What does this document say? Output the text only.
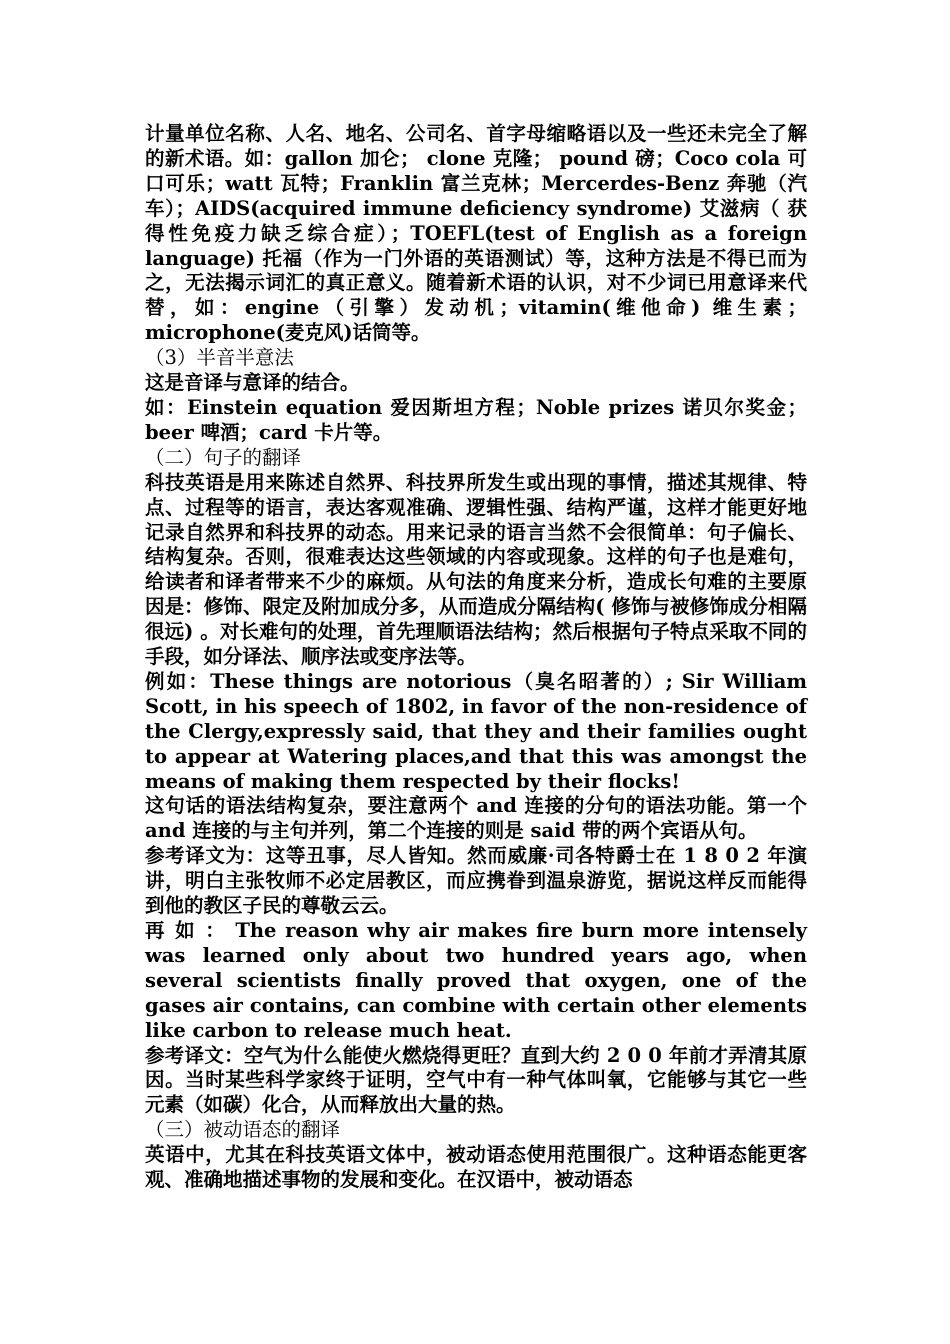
计量单位名称、人名、地名、公司名、首字母缩略语以及一些还未完全了解的新术语。如：gallon 加仑； clone 克隆； pound 磅；Coco cola 可口可乐；watt 瓦特；Franklin 富兰克林；Mercerdes-Benz 奔驰（汽车）；AIDS(acquired immune deficiency syndrome) 艾滋病（ 获得性免疫力缺乏综合症）；TOEFL(test of English as a foreign language) 托福（作为一门外语的英语测试）等，这种方法是不得已而为之，无法揭示词汇的真正意义。随着新术语的认识，对不少词已用意译来代替，如：engine（引擎）发动机；vitamin(维他命) 维生素；microphone(麦克风)话筒等。

（3）半音半意法

这是音译与意译的结合。

如：Einstein equation 爱因斯坦方程；Noble prizes 诺贝尔奖金；beer 啤酒；card 卡片等。

（二）句子的翻译

科技英语是用来陈述自然界、科技界所发生或出现的事情，描述其规律、特点、过程等的语言，表达客观准确、逻辑性强、结构严谨，这样才能更好地记录自然界和科技界的动态。用来记录的语言当然不会很简单：句子偏长、结构复杂。否则，很难表达这些领域的内容或现象。这样的句子也是难句，给读者和译者带来不少的麻烦。从句法的角度来分析，造成长句难的主要原因是：修饰、限定及附加成分多，从而造成分隔结构( 修饰与被修饰成分相隔很远) 。对长难句的处理，首先理顺语法结构；然后根据句子特点采取不同的手段，如分译法、顺序法或变序法等。

例如：These things are notorious（臭名昭著的）; Sir William Scott, in his speech of 1802, in favor of the non-residence of the Clergy,expressly said, that they and their families ought to appear at Watering places,and that this was amongst the means of making them respected by their flocks!

这句话的语法结构复杂，要注意两个 and 连接的分句的语法功能。第一个 and 连接的与主句并列，第二个连接的则是 said 带的两个宾语从句。

参考译文为：这等丑事，尽人皆知。然而威廉·司各特爵士在 1 8 0 2 年演讲，明白主张牧师不必定居教区，而应携眷到温泉游览，据说这样反而能得到他的教区子民的尊敬云云。

再 如 ： The reason why air makes fire burn more intensely was learned only about two hundred years ago, when several scientists finally proved that oxygen, one of the gases air contains, can combine with certain other elements like carbon to release much heat.

参考译文：空气为什么能使火燃烧得更旺？直到大约 2 0 0 年前才弄清其原因。当时某些科学家终于证明，空气中有一种气体叫氧，它能够与其它一些元素（如碳）化合，从而释放出大量的热。

（三）被动语态的翻译

英语中，尤其在科技英语文体中，被动语态使用范围很广。这种语态能更客观、准确地描述事物的发展和变化。在汉语中，被动语态
